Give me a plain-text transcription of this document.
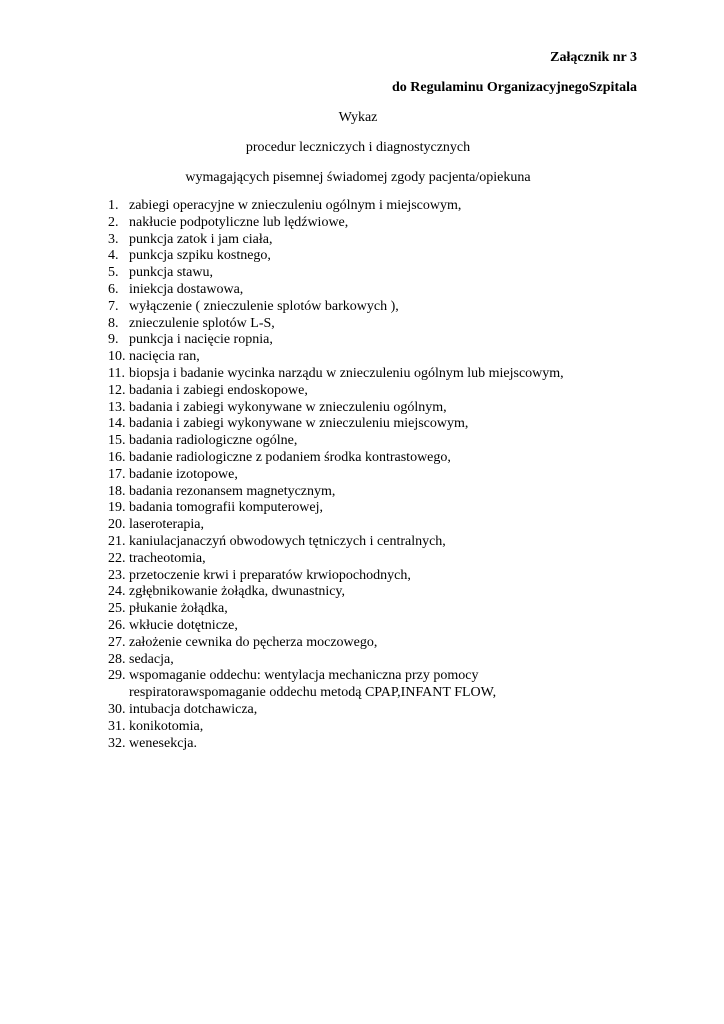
Załącznik nr 3
do Regulaminu OrganizacyjnegoSzpitala
Wykaz
procedur leczniczych i diagnostycznych
wymagających pisemnej świadomej zgody pacjenta/opiekuna
1. zabiegi operacyjne w znieczuleniu ogólnym i miejscowym,
2. nakłucie podpotyliczne lub lędźwiowe,
3. punkcja zatok i jam ciała,
4. punkcja szpiku kostnego,
5. punkcja stawu,
6. iniekcja dostawowa,
7. wyłączenie ( znieczulenie splotów barkowych ),
8. znieczulenie splotów L-S,
9. punkcja i nacięcie ropnia,
10. nacięcia ran,
11. biopsja i badanie wycinka narządu w znieczuleniu ogólnym lub miejscowym,
12. badania i zabiegi endoskopowe,
13. badania i zabiegi wykonywane w znieczuleniu ogólnym,
14. badania i zabiegi wykonywane w znieczuleniu miejscowym,
15. badania radiologiczne ogólne,
16. badanie radiologiczne z podaniem środka kontrastowego,
17. badanie izotopowe,
18. badania rezonansem magnetycznym,
19. badania tomografii komputerowej,
20. laseroterapia,
21. kaniulacjanaczyń obwodowych tętniczych i centralnych,
22. tracheotomia,
23. przetoczenie krwi i preparatów krwiopochodnych,
24. zgłębnikowanie żołądka, dwunastnicy,
25. płukanie żołądka,
26. wkłucie dotętnicze,
27. założenie cewnika do pęcherza moczowego,
28. sedacja,
29. wspomaganie oddechu: wentylacja mechaniczna przy pomocy
respiratorawspomaganie oddechu metodą CPAP,INFANT FLOW,
30. intubacja dotchawicza,
31. konikotomia,
32. wenesekcja.
